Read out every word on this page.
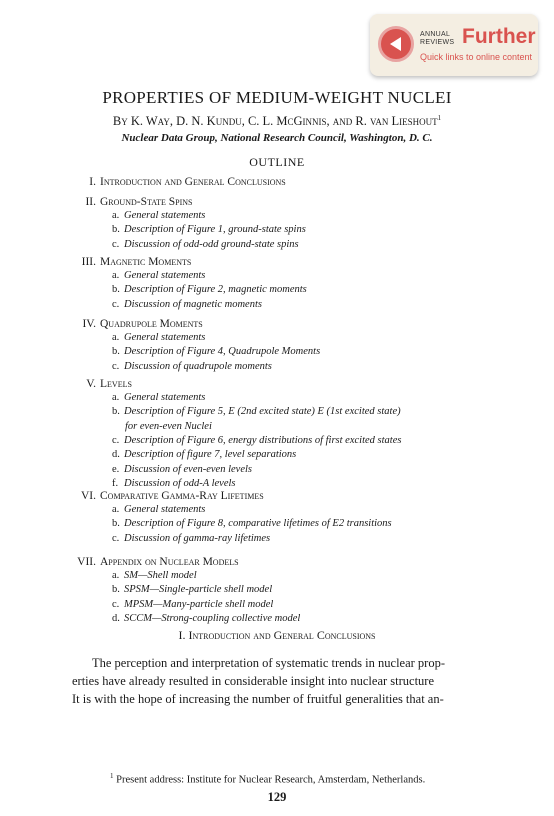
ANNUAL
REVIEWS Further
Quick links to online content
PROPERTIES OF MEDIUM-WEIGHT NUCLEI
By K. Way, D. N. Kundu, C. L. McGinnis, and R. van Lieshout$^1$
Nuclear Data Group, National Research Council, Washington, D. C.
OUTLINE
I. Introduction and General Conclusions
II. Ground-State Spins
a. General statements
b. Description of Figure 1, ground-state spins
c. Discussion of odd-odd ground-state spins
III. Magnetic Moments
a. General statements
b. Description of Figure 2, magnetic moments
c. Discussion of magnetic moments
IV. Quadrupole Moments
a. General statements
b. Description of Figure 4, Quadrupole Moments
c. Discussion of quadrupole moments
V. Levels
a. General statements
b. Description of Figure 5, E (2nd excited state) E (1st excited state)
for even-even Nuclei
c. Description of Figure 6, energy distributions of first excited states
d. Description of figure 7, level separations
e. Discussion of even-even levels
f. Discussion of odd-A levels
VI. Comparative Gamma-Ray Lifetimes
a. General statements
b. Description of Figure 8, comparative lifetimes of E2 transitions
c. Discussion of gamma-ray lifetimes
VII. Appendix on Nuclear Models
a. SM—Shell model
b. SPSM—Single-particle shell model
c. MPSM—Many-particle shell model
d. SCCM—Strong-coupling collective model
I. Introduction and General Conclusions
The perception and interpretation of systematic trends in nuclear prop-
erties have already resulted in considerable insight into nuclear structure
It is with the hope of increasing the number of fruitful generalities that an-
$^1$ Present address: Institute for Nuclear Research, Amsterdam, Netherlands.
129
